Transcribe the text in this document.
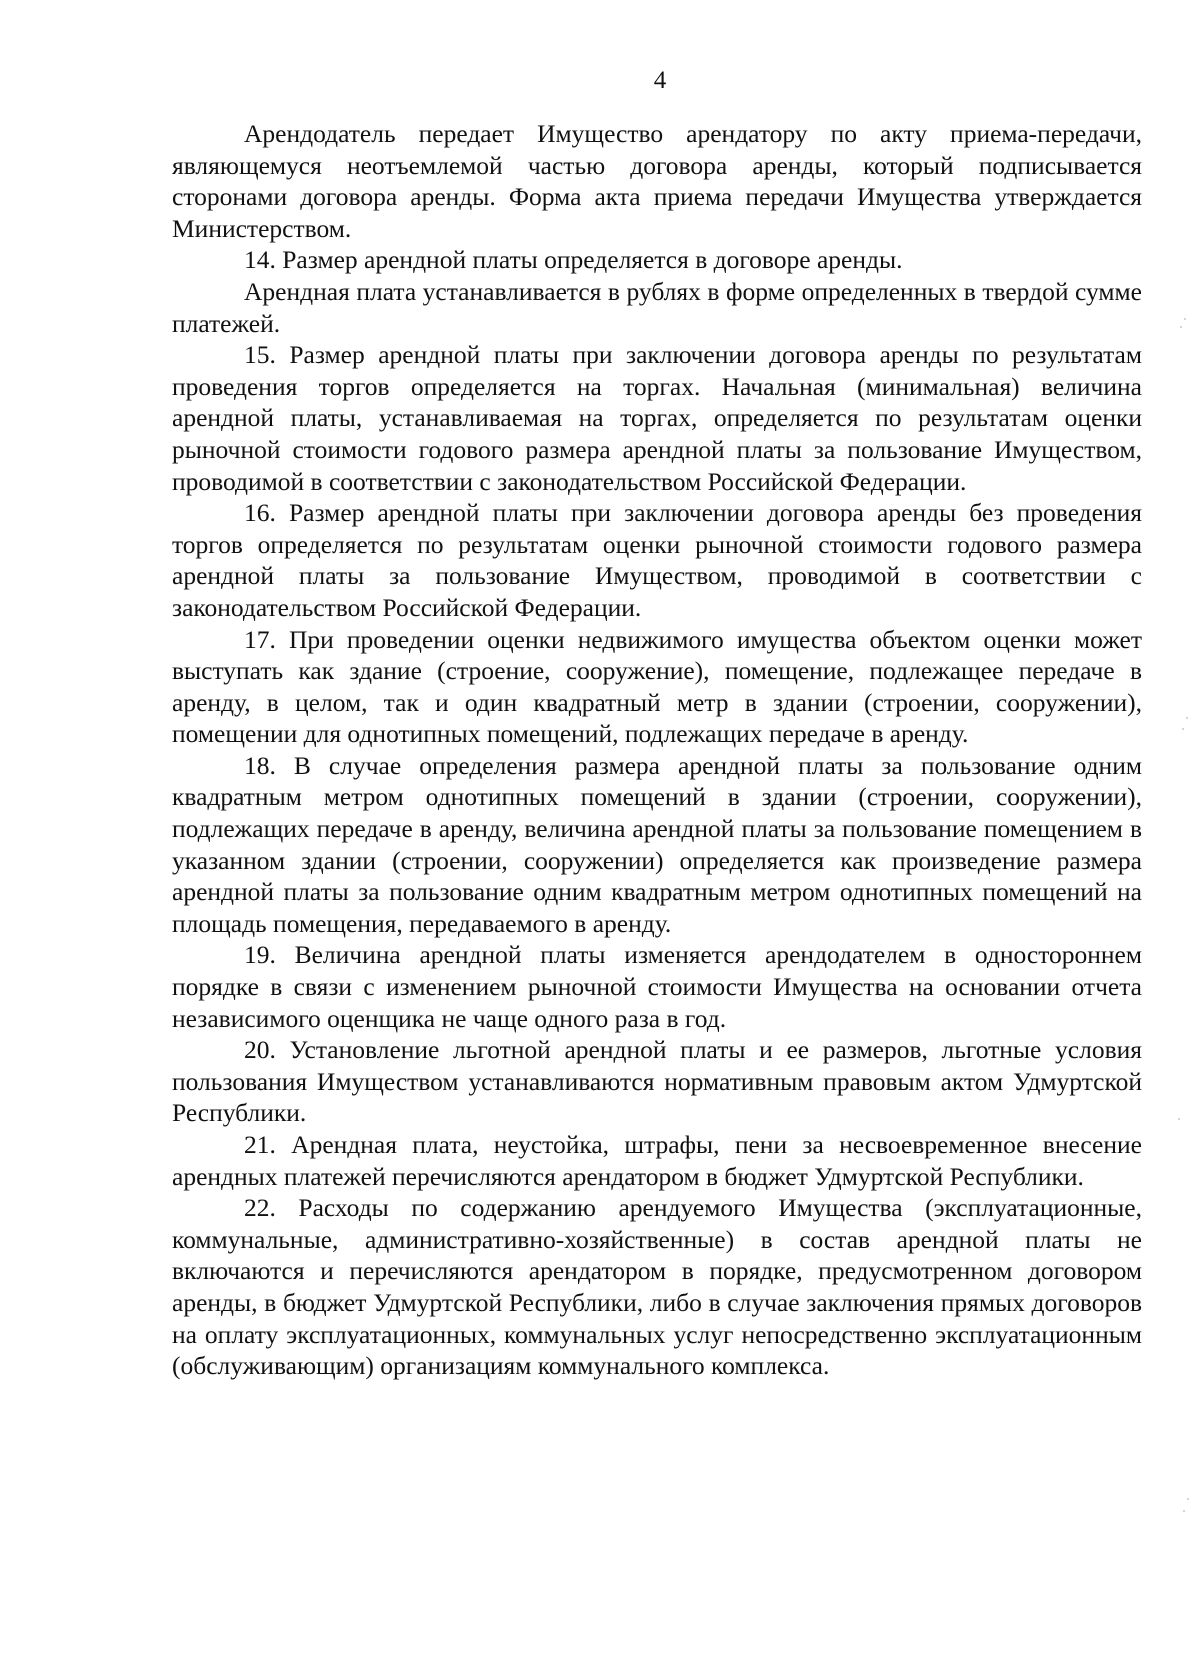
4

Арендодатель передает Имущество арендатору по акту приема-передачи, являющемуся неотъемлемой частью договора аренды, который подписывается сторонами договора аренды. Форма акта приема передачи Имущества утверждается Министерством.

14. Размер арендной платы определяется в договоре аренды.

Арендная плата устанавливается в рублях в форме определенных в твердой сумме платежей.

15. Размер арендной платы при заключении договора аренды по результатам проведения торгов определяется на торгах. Начальная (минимальная) величина арендной платы, устанавливаемая на торгах, определяется по результатам оценки рыночной стоимости годового размера арендной платы за пользование Имуществом, проводимой в соответствии с законодательством Российской Федерации.

16. Размер арендной платы при заключении договора аренды без проведения торгов определяется по результатам оценки рыночной стоимости годового размера арендной платы за пользование Имуществом, проводимой в соответствии с законодательством Российской Федерации.

17. При проведении оценки недвижимого имущества объектом оценки может выступать как здание (строение, сооружение), помещение, подлежащее передаче в аренду, в целом, так и один квадратный метр в здании (строении, сооружении), помещении для однотипных помещений, подлежащих передаче в аренду.

18. В случае определения размера арендной платы за пользование одним квадратным метром однотипных помещений в здании (строении, сооружении), подлежащих передаче в аренду, величина арендной платы за пользование помещением в указанном здании (строении, сооружении) определяется как произведение размера арендной платы за пользование одним квадратным метром однотипных помещений на площадь помещения, передаваемого в аренду.

19. Величина арендной платы изменяется арендодателем в одностороннем порядке в связи с изменением рыночной стоимости Имущества на основании отчета независимого оценщика не чаще одного раза в год.

20. Установление льготной арендной платы и ее размеров, льготные условия пользования Имуществом устанавливаются нормативным правовым актом Удмуртской Республики.

21. Арендная плата, неустойка, штрафы, пени за несвоевременное внесение арендных платежей перечисляются арендатором в бюджет Удмуртской Республики.

22. Расходы по содержанию арендуемого Имущества (эксплуатационные, коммунальные, административно-хозяйственные) в состав арендной платы не включаются и перечисляются арендатором в порядке, предусмотренном договором аренды, в бюджет Удмуртской Республики, либо в случае заключения прямых договоров на оплату эксплуатационных, коммунальных услуг непосредственно эксплуатационным (обслуживающим) организациям коммунального комплекса.
